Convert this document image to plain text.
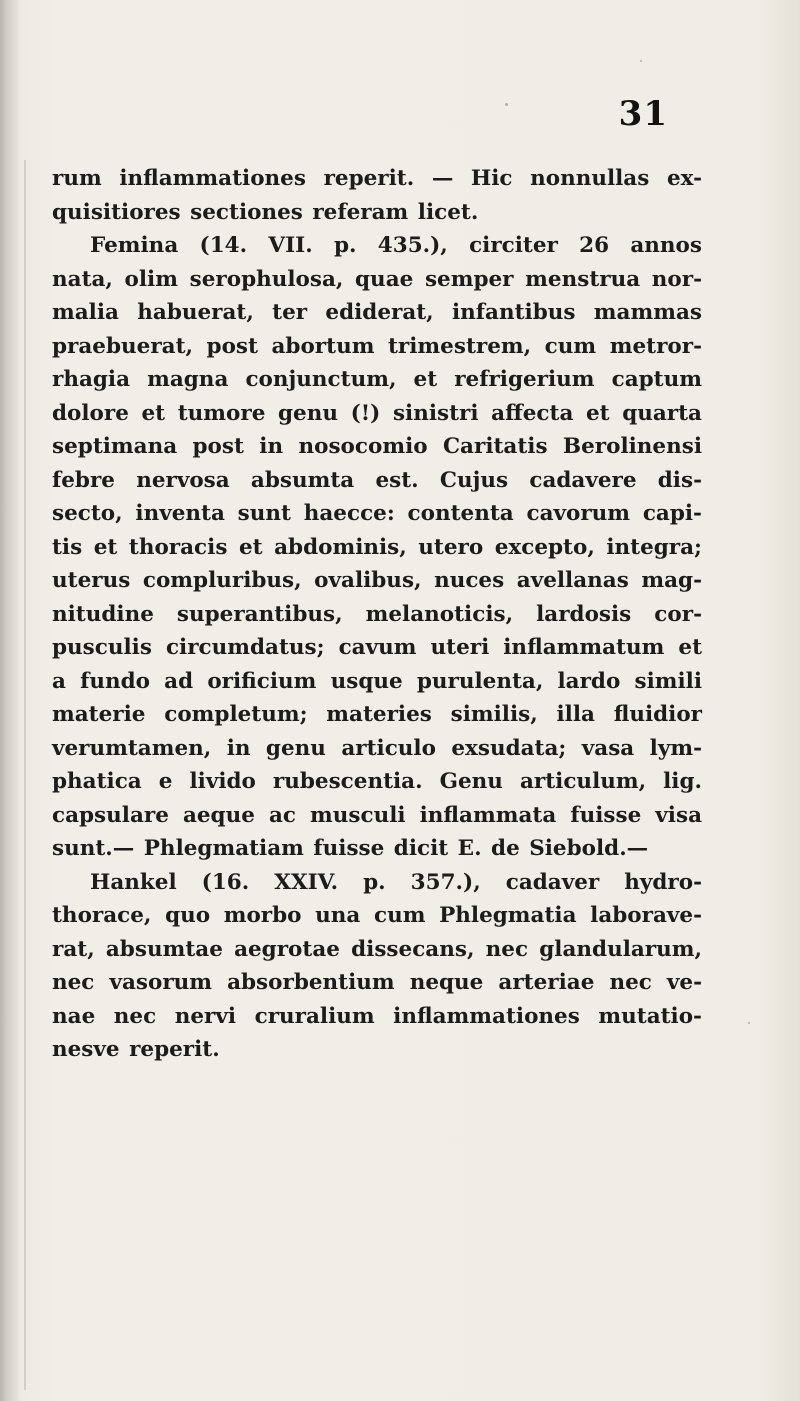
31
rum inflammationes reperit. — Hic nonnullas ex-
quisitiores sectiones referam licet.
Femina (14. VII. p. 435.), circiter 26 annos
nata, olim serophulosa, quae semper menstrua nor-
malia habuerat, ter ediderat, infantibus mammas
praebuerat, post abortum trimestrem, cum metror-
rhagia magna conjunctum, et refrigerium captum
dolore et tumore genu (!) sinistri affecta et quarta
septimana post in nosocomio Caritatis Berolinensi
febre nervosa absumta est. Cujus cadavere dis-
secto, inventa sunt haecce: contenta cavorum capi-
tis et thoracis et abdominis, utero excepto, integra;
uterus compluribus, ovalibus, nuces avellanas mag-
nitudine superantibus, melanoticis, lardosis cor-
pusculis circumdatus; cavum uteri inflammatum et
a fundo ad orificium usque purulenta, lardo simili
materie completum; materies similis, illa fluidior
verumtamen, in genu articulo exsudata; vasa lym-
phatica e livido rubescentia. Genu articulum, lig.
capsulare aeque ac musculi inflammata fuisse visa
sunt.— Phlegmatiam fuisse dicit E. de Siebold.—
Hankel (16. XXIV. p. 357.), cadaver hydro-
thorace, quo morbo una cum Phlegmatia laborave-
rat, absumtae aegrotae dissecans, nec glandularum,
nec vasorum absorbentium neque arteriae nec ve-
nae nec nervi cruralium inflammationes mutatio-
nesve reperit.
